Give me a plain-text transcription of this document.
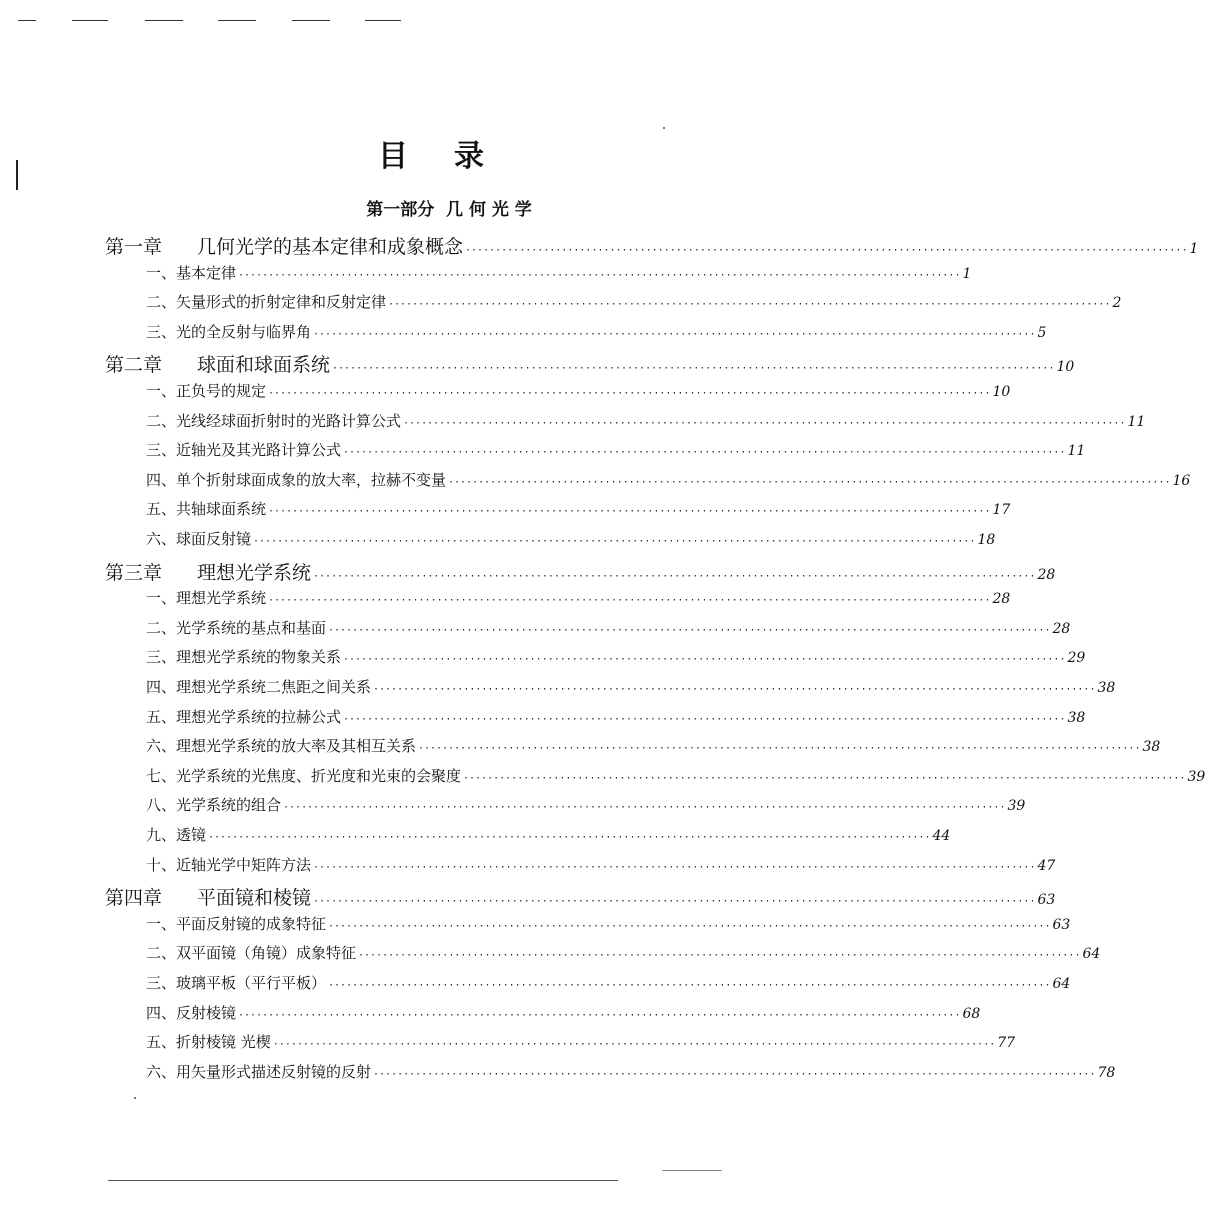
目录
第一部分  几 何 光 学
第一章 几何光学的基本定律和成象概念 ························································································································ 1
一、基本定律 ························································································································ 1
二、矢量形式的折射定律和反射定律 ························································································································ 2
三、光的全反射与临界角 ························································································································ 5
第二章 球面和球面系统 ························································································································ 10
一、正负号的规定 ························································································································ 10
二、光线经球面折射时的光路计算公式 ························································································································ 11
三、近轴光及其光路计算公式 ························································································································ 11
四、单个折射球面成象的放大率，拉赫不变量 ························································································································ 16
五、共轴球面系统 ························································································································ 17
六、球面反射镜 ························································································································ 18
第三章 理想光学系统 ························································································································ 28
一、理想光学系统 ························································································································ 28
二、光学系统的基点和基面 ························································································································ 28
三、理想光学系统的物象关系 ························································································································ 29
四、理想光学系统二焦距之间关系 ························································································································ 38
五、理想光学系统的拉赫公式 ························································································································ 38
六、理想光学系统的放大率及其相互关系 ························································································································ 38
七、光学系统的光焦度、折光度和光束的会聚度 ························································································································ 39
八、光学系统的组合 ························································································································ 39
九、透镜 ························································································································ 44
十、近轴光学中矩阵方法 ························································································································ 47
第四章 平面镜和棱镜 ························································································································ 63
一、平面反射镜的成象特征 ························································································································ 63
二、双平面镜（角镜）成象特征 ························································································································ 64
三、玻璃平板（平行平板） ························································································································ 64
四、反射棱镜 ························································································································ 68
五、折射棱镜 光楔 ························································································································ 77
六、用矢量形式描述反射镜的反射 ························································································································ 78
